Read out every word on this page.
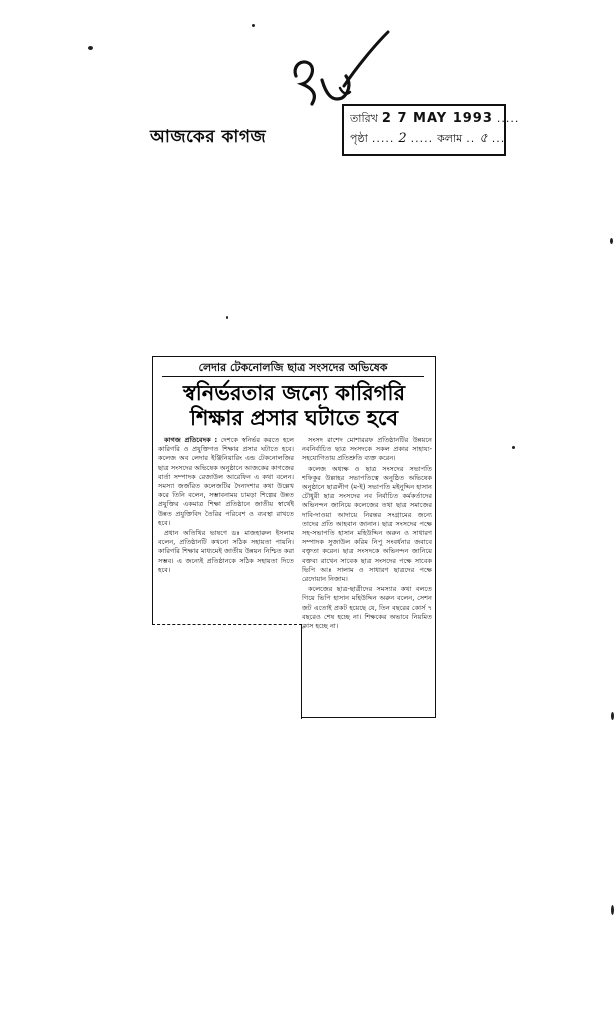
আজকের কাগজ
তারিখ 2 7 MAY 1993 .....
পৃষ্ঠা ..... 2 ..... কলাম .. ৫ ...
লেদার টেকনোলজি ছাত্র সংসদের অভিষেক
স্বনির্ভরতার জন্যে কারিগরি
শিক্ষার প্রসার ঘটাতে হবে

কাগজ প্রতিবেদক : দেশকে স্বনির্ভর করতে হলে কারিগরি ও প্রযুক্তিগত শিক্ষার প্রসার ঘটাতে হবে। কলেজ অব লেদার ইঞ্জিনিয়ারিং এন্ড টেকনোলজির ছাত্র সংসদের অভিষেক অনুষ্ঠানে আজকের কাগজের বার্তা সম্পাদক রেজাউল আরেফিন এ কথা বলেন। সমস্যা জর্জরিত কলেজটির দৈন্যদশার কথা উল্লেখ করে তিনি বলেন, সম্ভাবনাময় চামড়া শিল্পের উন্নত প্রযুক্তির একমাত্র শিক্ষা প্রতিষ্ঠানে জাতীয় স্বার্থেই উন্নত প্রযুক্তিবিদ তৈরির পরিবেশ ও ব্যবস্থা রাখতে হবে।

প্রধান অতিথির ভাষণে ডঃ মাজহারুল ইসলাম বলেন, প্রতিষ্ঠানটি কখনো সঠিক সহায়তা পায়নি। কারিগরি শিক্ষার মাধ্যমেই জাতীয় উন্নয়ন নিশ্চিত করা সম্ভব। এ জন্যেই প্রতিষ্ঠানকে সঠিক সহায়তা দিতে হবে।

সংসদ রাশেদ মোশাররফ প্রতিষ্ঠানটির উন্নয়নে নবনির্বাচিত ছাত্র সংসদকে সকল প্রকার সাহায্য-সহযোগিতায় প্রতিশ্রুতি ব্যক্ত করেন।

কলেজ অধ্যক্ষ ও ছাত্র সংসদের সভাপতি শফিকুর উল্লাহর সভাপতিত্বে অনুষ্ঠিত অভিষেক অনুষ্ঠানে ছাত্রলীগ (ম-ই) সভাপতি মইনুদ্দিন হাসান চৌধুরী ছাত্র সংসদের নব নির্বাচিত কর্মকর্তাদের অভিনন্দন জানিয়ে কলেজের তথা ছাত্র সমাজের দাবি-দাওয়া আদায়ে নিরন্তর সংগ্রামের জন্যে তাদের প্রতি আহবান জানান। ছাত্র সংসদের পক্ষে সহ-সভাপতি হাসান মহিউদ্দিন অরুন ও সাধারণ সম্পাদক সুজাউল করিম নিপু সংবর্ধনার জবাবে বক্তৃতা করেন। ছাত্র সংসদকে অভিনন্দন জানিয়ে বক্তব্য রাখেন সাবেক ছাত্র সংসদের পক্ষে সাবেক ভিপি আঃ সালাম ও সাধারণ ছাত্রদের পক্ষে রেদোয়ান নিজাম।

কলেজের ছাত্র-ছাত্রীদের সমস্যার কথা বলতে গিয়ে ভিপি হাসান মহিউদ্দিন অরুন বলেন, সেশন জট এতোই প্রকট হয়েছে যে, তিন বছরের কোর্স ৭ বছরেও শেষ হচ্ছে না। শিক্ষকের অভাবে নিয়মিত ক্লাস হচ্ছে না।
